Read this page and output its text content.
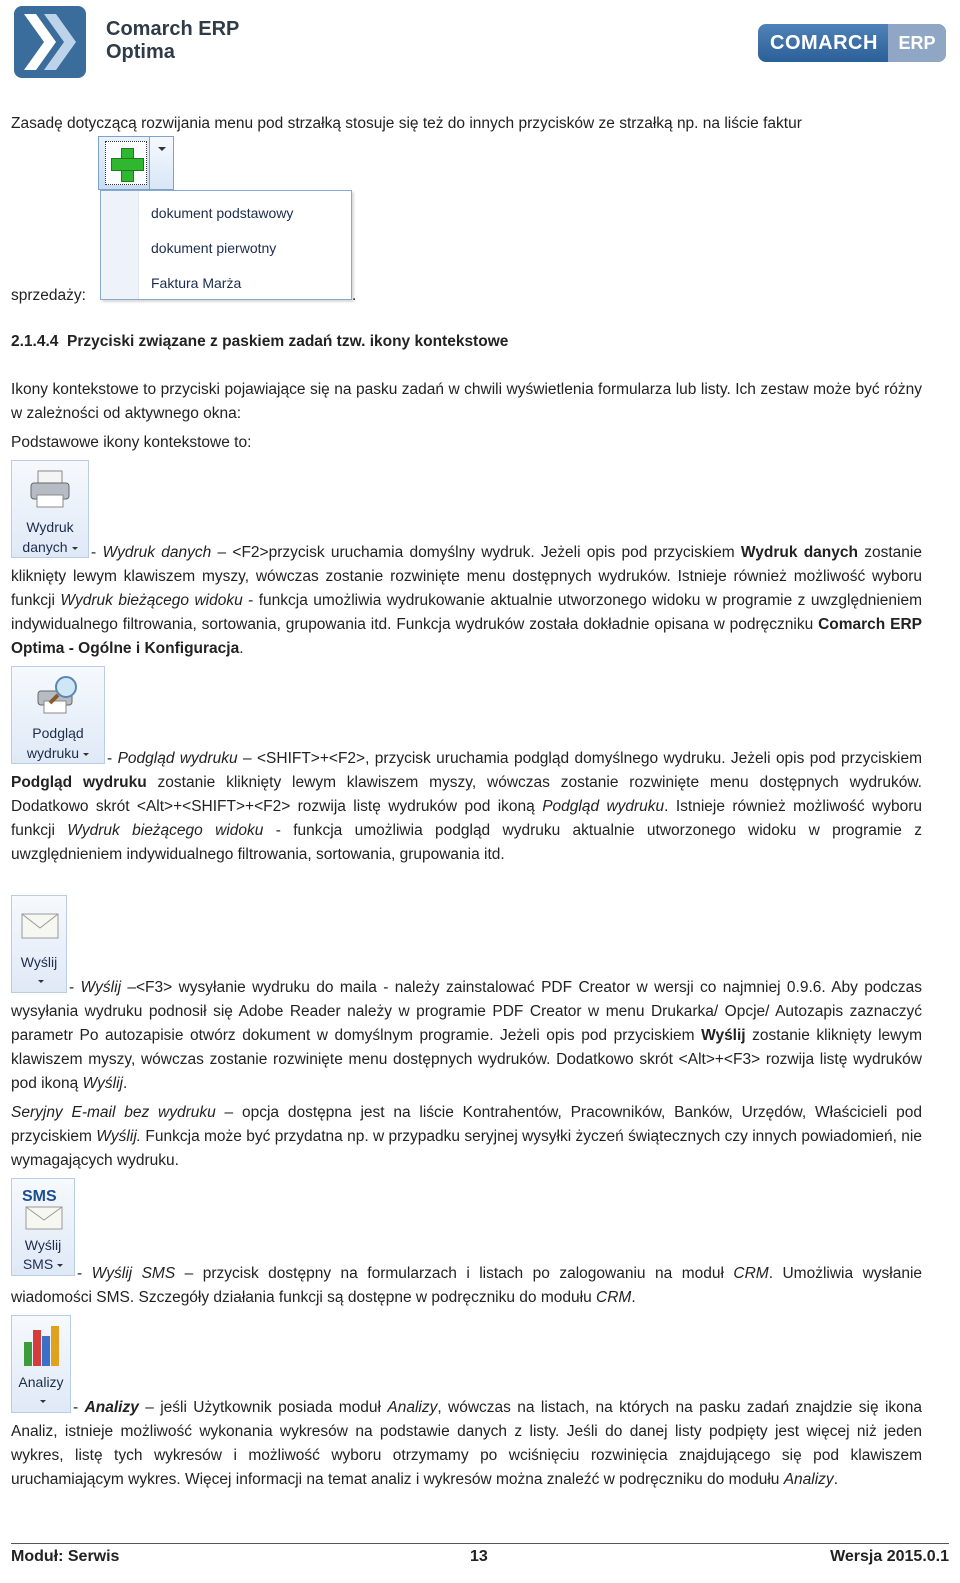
Comarch ERP
Optima	COMARCH	ERP
Zasadę dotyczącą rozwijania menu pod strzałką stosuje się też do innych przycisków ze strzałką np. na liście faktur
dokument podstawowy
dokument pierwotny
Faktura Marża
sprzedaży:	.
2.1.4.4 Przyciski związane z paskiem zadań tzw. ikony kontekstowe
Ikony kontekstowe to przyciski pojawiające się na pasku zadań w chwili wyświetlenia formularza lub listy. Ich zestaw może być różny w zależności od aktywnego okna:
Podstawowe ikony kontekstowe to:
Wydruk
danych	- Wydruk danych – <F2>przycisk uruchamia domyślny wydruk. Jeżeli opis pod przyciskiem Wydruk danych zostanie kliknięty lewym klawiszem myszy, wówczas zostanie rozwinięte menu dostępnych wydruków. Istnieje również możliwość wyboru funkcji Wydruk bieżącego widoku - funkcja umożliwia wydrukowanie aktualnie utworzonego widoku w programie z uwzględnieniem indywidualnego filtrowania, sortowania, grupowania itd. Funkcja wydruków została dokładnie opisana w podręczniku Comarch ERP Optima - Ogólne i Konfiguracja.
Podgląd
wydruku	- Podgląd wydruku – <SHIFT>+<F2>, przycisk uruchamia podgląd domyślnego wydruku. Jeżeli opis pod przyciskiem Podgląd wydruku zostanie kliknięty lewym klawiszem myszy, wówczas zostanie rozwinięte menu dostępnych wydruków. Dodatkowo skrót <Alt>+<SHIFT>+<F2> rozwija listę wydruków pod ikoną Podgląd wydruku. Istnieje również możliwość wyboru funkcji Wydruk bieżącego widoku - funkcja umożliwia podgląd wydruku aktualnie utworzonego widoku w programie z uwzględnieniem indywidualnego filtrowania, sortowania, grupowania itd.
Wyślij
- Wyślij –<F3> wysyłanie wydruku do maila - należy zainstalować PDF Creator w wersji co najmniej 0.9.6. Aby podczas wysyłania wydruku podnosił się Adobe Reader należy w programie PDF Creator w menu Drukarka/ Opcje/ Autozapis zaznaczyć parametr Po autozapisie otwórz dokument w domyślnym programie. Jeżeli opis pod przyciskiem Wyślij zostanie kliknięty lewym klawiszem myszy, wówczas zostanie rozwinięte menu dostępnych wydruków. Dodatkowo skrót <Alt>+<F3> rozwija listę wydruków pod ikoną Wyślij.
Seryjny E-mail bez wydruku – opcja dostępna jest na liście Kontrahentów, Pracowników, Banków, Urzędów, Właścicieli pod przyciskiem Wyślij. Funkcja może być przydatna np. w przypadku seryjnej wysyłki życzeń świątecznych czy innych powiadomień, nie wymagających wydruku.
SMS
Wyślij
SMS
- Wyślij SMS – przycisk dostępny na formularzach i listach po zalogowaniu na moduł CRM. Umożliwia wysłanie wiadomości SMS. Szczegóły działania funkcji są dostępne w podręczniku do modułu CRM.
Analizy
- Analizy – jeśli Użytkownik posiada moduł Analizy, wówczas na listach, na których na pasku zadań znajdzie się ikona Analiz, istnieje możliwość wykonania wykresów na podstawie danych z listy. Jeśli do danej listy podpięty jest więcej niż jeden wykres, listę tych wykresów i możliwość wyboru otrzymamy po wciśnięciu rozwinięcia znajdującego się pod klawiszem uruchamiającym wykres. Więcej informacji na temat analiz i wykresów można znaleźć w podręczniku do modułu Analizy.
Moduł: Serwis	13	Wersja 2015.0.1
